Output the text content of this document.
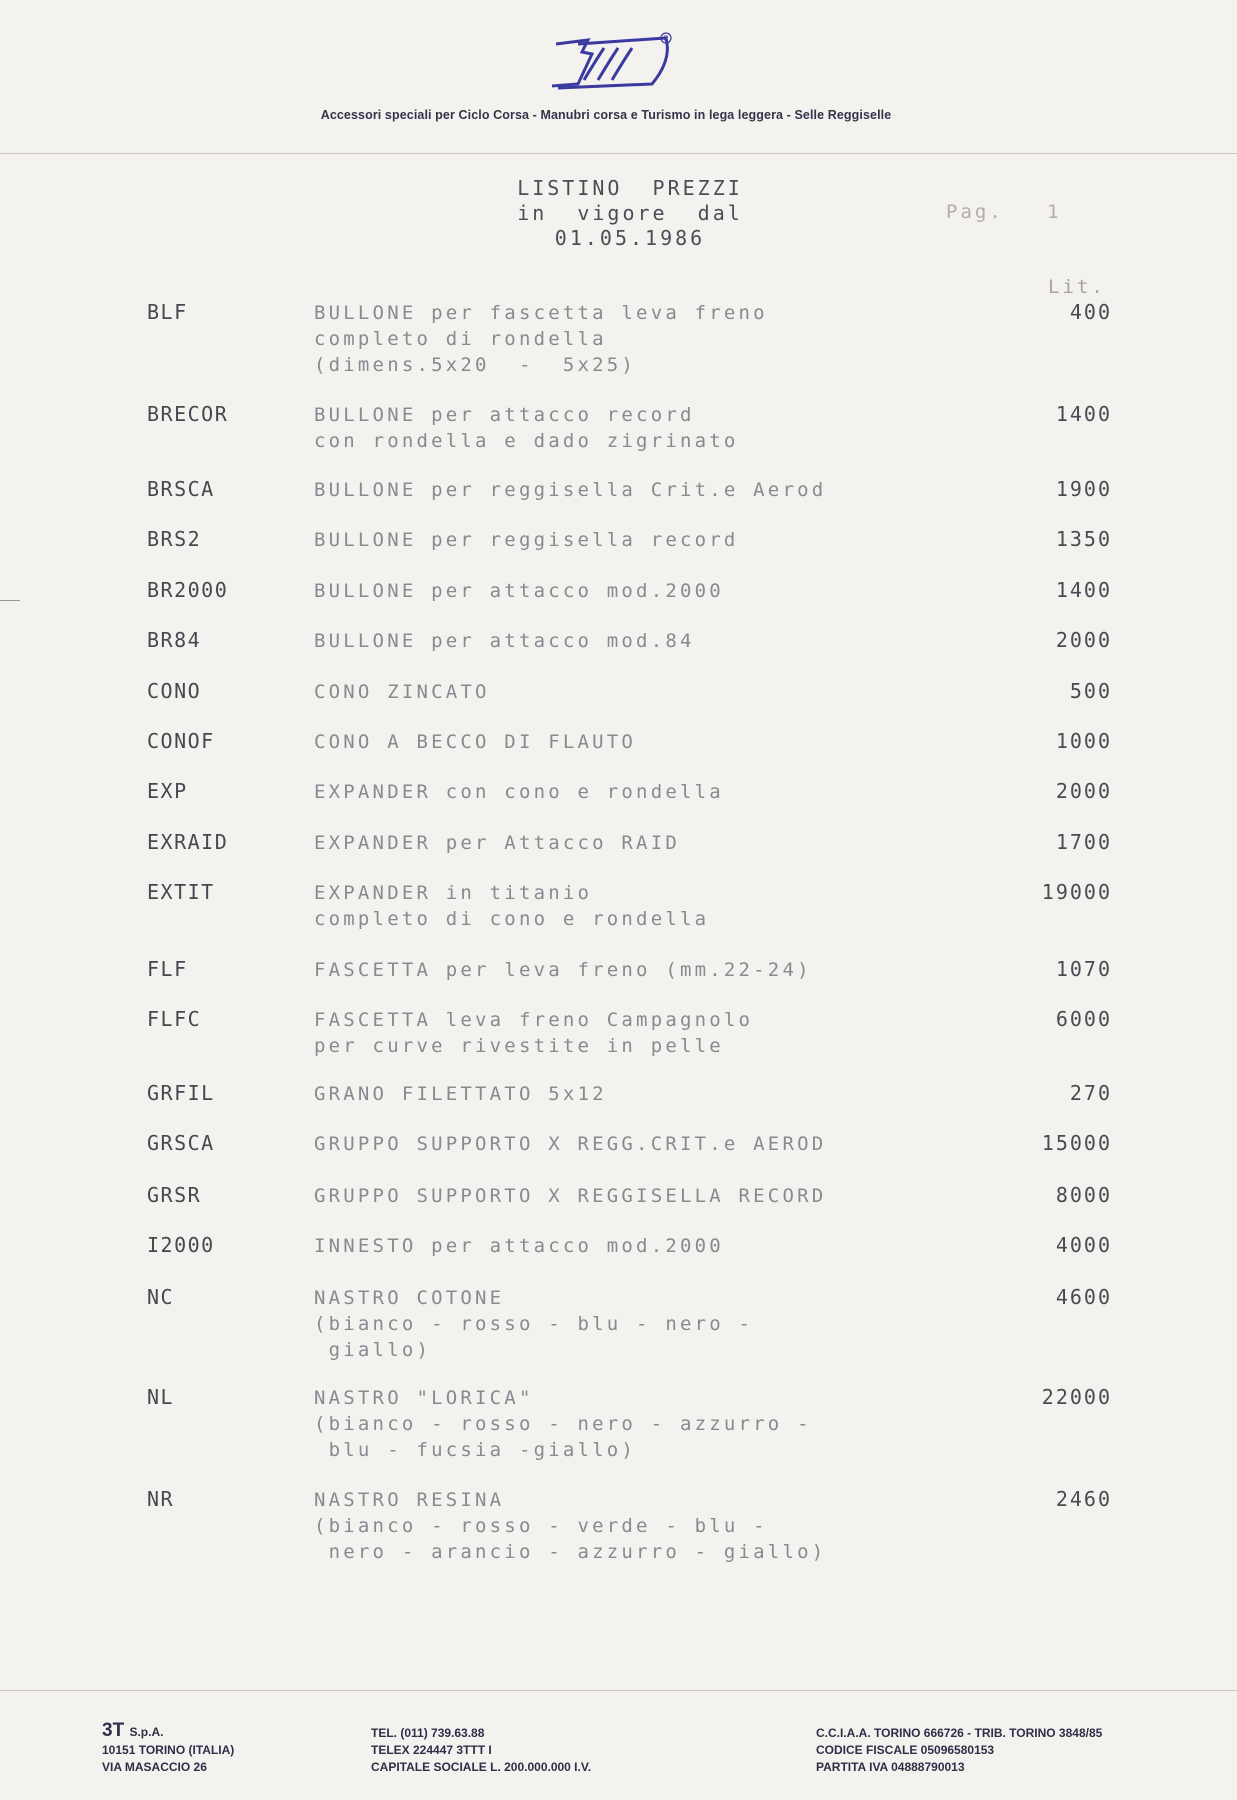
R
Accessori speciali per Ciclo Corsa - Manubri corsa e Turismo in lega leggera - Selle Reggiselle
LISTINO  PREZZI
in  vigore  dal
01.05.1986
Pag.   1
Lit.
BLF	BULLONE per fascetta leva freno
completo di rondella
(dimens.5x20  -  5x25)
400
BRECOR	BULLONE per attacco record
con rondella e dado zigrinato
1400
BRSCA	BULLONE per reggisella Crit.e Aerod	1900
BRS2	BULLONE per reggisella record	1350
BR2000	BULLONE per attacco mod.2000	1400
BR84	BULLONE per attacco mod.84	2000
CONO	CONO ZINCATO	500
CONOF	CONO A BECCO DI FLAUTO	1000
EXP	EXPANDER con cono e rondella	2000
EXRAID	EXPANDER per Attacco RAID	1700
EXTIT	EXPANDER in titanio
completo di cono e rondella
19000
FLF	FASCETTA per leva freno (mm.22-24)	1070
FLFC	FASCETTA leva freno Campagnolo
per curve rivestite in pelle
6000
GRFIL	GRANO FILETTATO 5x12	270
GRSCA	GRUPPO SUPPORTO X REGG.CRIT.e AEROD	15000
GRSR	GRUPPO SUPPORTO X REGGISELLA RECORD	8000
I2000	INNESTO per attacco mod.2000	4000
NC	NASTRO COTONE
(bianco - rosso - blu - nero -
giallo)
4600
NL	NASTRO "LORICA"
(bianco - rosso - nero - azzurro -
blu - fucsia -giallo)
22000
NR	NASTRO RESINA
(bianco - rosso - verde - blu -
nero - arancio - azzurro - giallo)
2460
3T S.p.A.
10151 TORINO (ITALIA)
VIA MASACCIO 26
TEL. (011) 739.63.88
TELEX 224447 3TTT I
CAPITALE SOCIALE L. 200.000.000 I.V.
C.C.I.A.A. TORINO 666726 - TRIB. TORINO 3848/85
CODICE FISCALE 05096580153
PARTITA IVA 04888790013
